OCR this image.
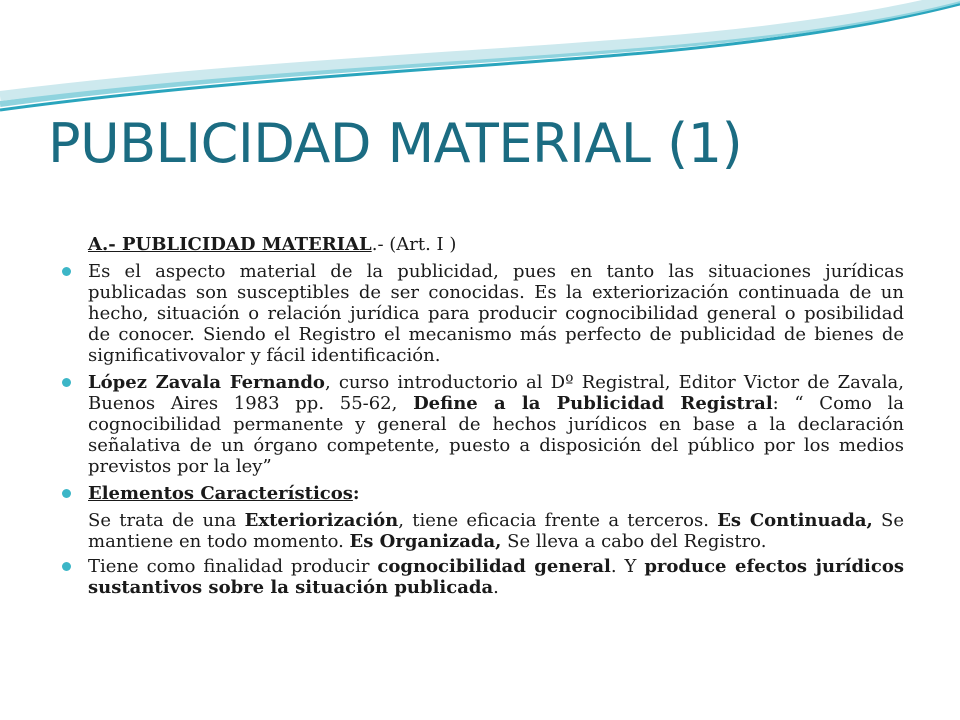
PUBLICIDAD MATERIAL (1)
A.- PUBLICIDAD MATERIAL.- (Art. I )
Es el aspecto material de la publicidad, pues en tanto las situaciones jurídicas publicadas son susceptibles de ser conocidas. Es la exteriorización continuada de un hecho, situación o relación jurídica para producir cognocibilidad general o posibilidad de conocer. Siendo el Registro el mecanismo más perfecto de publicidad de bienes de significativovalor y fácil identificación.
López Zavala Fernando, curso introductorio al Dº Registral, Editor Victor de Zavala, Buenos Aires 1983 pp. 55-62, Define a la Publicidad Registral: “ Como la cognocibilidad permanente y general de hechos jurídicos en base a la declaración señalativa de un órgano competente, puesto a disposición del público por los medios previstos por la ley”
Elementos Característicos:
Se trata de una Exteriorización, tiene eficacia frente a terceros. Es Continuada, Se mantiene en todo momento. Es Organizada, Se lleva a cabo del Registro.
Tiene como finalidad producir cognocibilidad general. Y produce efectos jurídicos sustantivos sobre la situación publicada.
